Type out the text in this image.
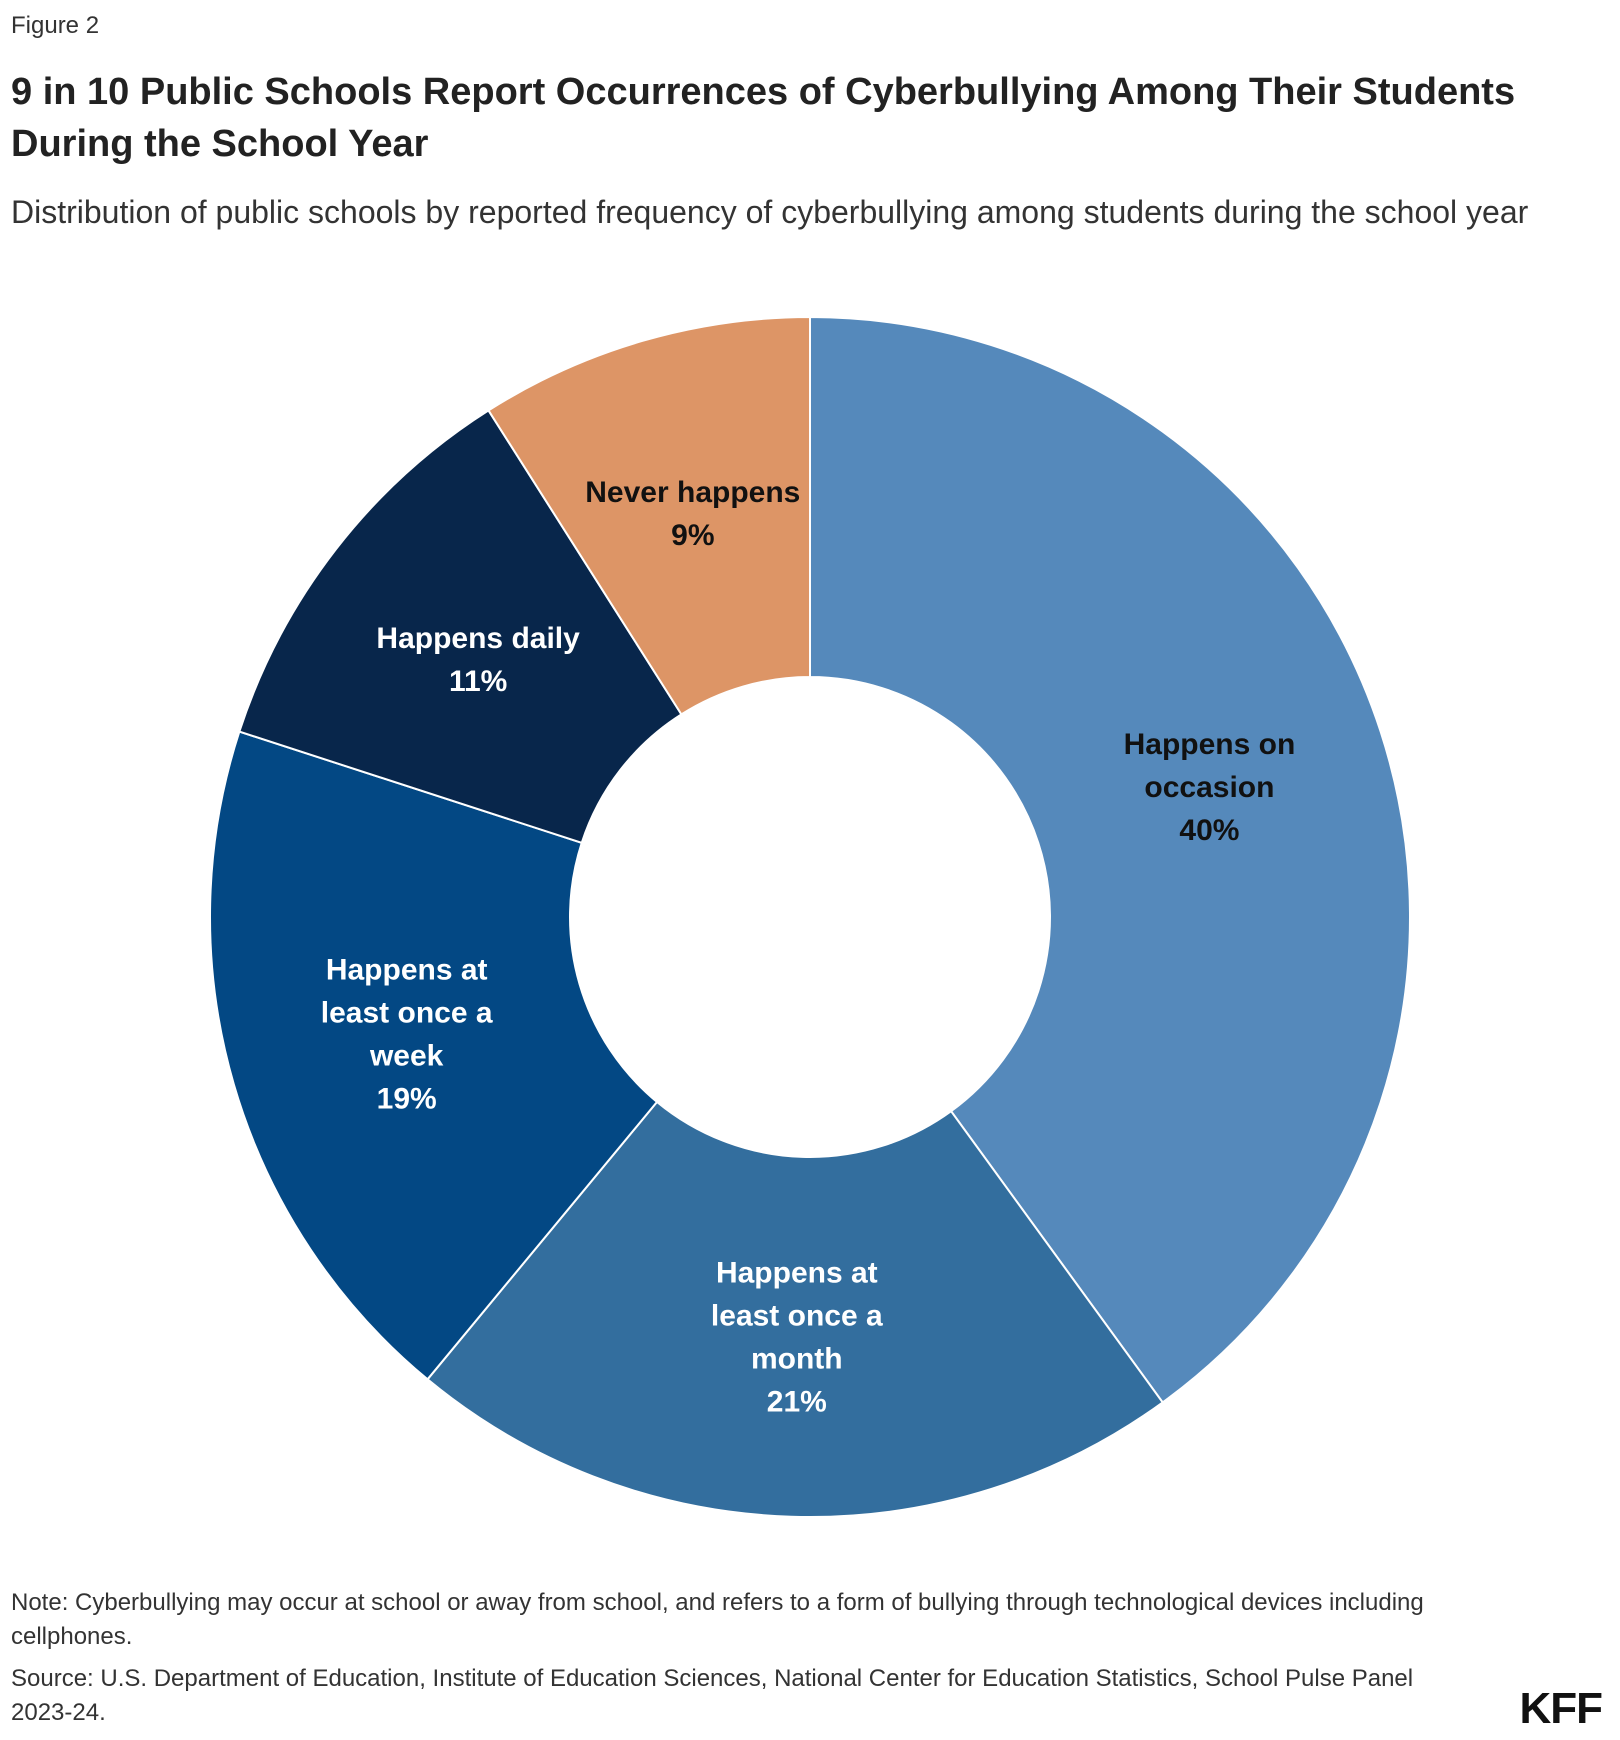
Figure 2
9 in 10 Public Schools Report Occurrences of Cyberbullying Among Their Students During the School Year

Distribution of public schools by reported frequency of cyberbullying among students during the school year

Happens on occasion 40%
Happens at least once a month 21%
Happens at least once a week 19%
Happens daily 11%
Never happens 9%

Note: Cyberbullying may occur at school or away from school, and refers to a form of bullying through technological devices including cellphones.

Source: U.S. Department of Education, Institute of Education Sciences, National Center for Education Statistics, School Pulse Panel 2023-24.	KFF
